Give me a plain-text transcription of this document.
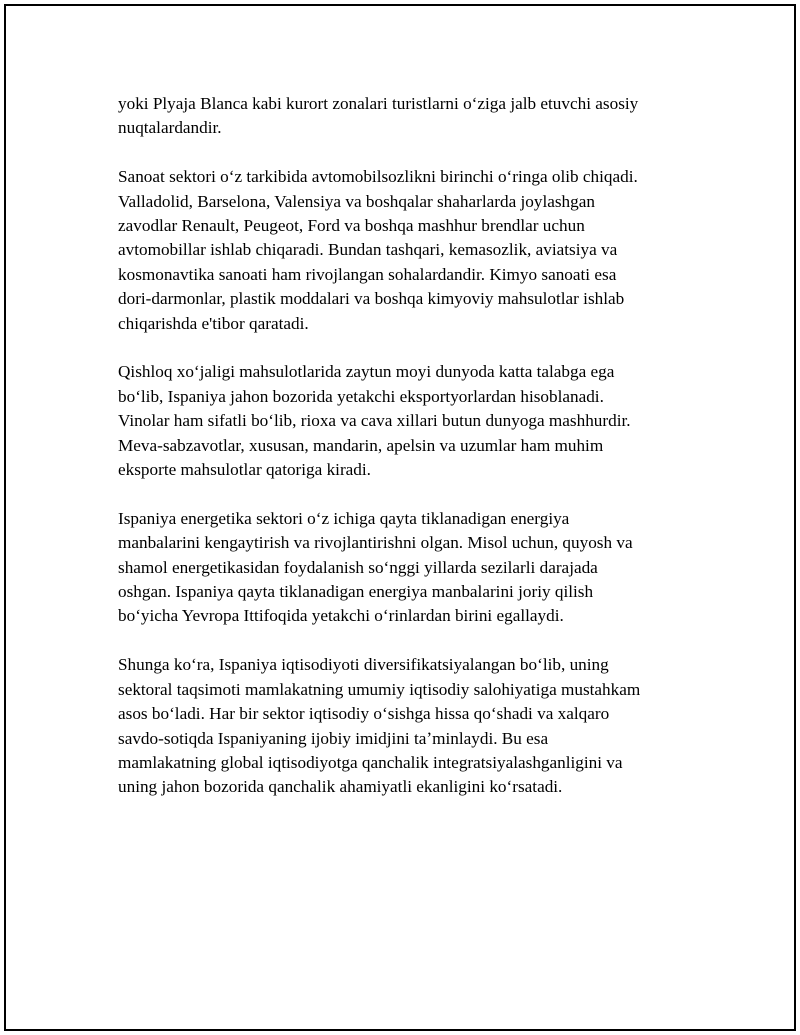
yoki Plyaja Blanca kabi kurort zonalari turistlarni oʻziga jalb etuvchi asosiy
nuqtalardandir.

Sanoat sektori oʻz tarkibida avtomobilsozlikni birinchi oʻringa olib chiqadi.
Valladolid, Barselona, Valensiya va boshqalar shaharlarda joylashgan
zavodlar Renault, Peugeot, Ford va boshqa mashhur brendlar uchun
avtomobillar ishlab chiqaradi. Bundan tashqari, kemasozlik, aviatsiya va
kosmonavtika sanoati ham rivojlangan sohalardandir. Kimyo sanoati esa
dori-darmonlar, plastik moddalari va boshqa kimyoviy mahsulotlar ishlab
chiqarishda e'tibor qaratadi.

Qishloq xoʻjaligi mahsulotlarida zaytun moyi dunyoda katta talabga ega
boʻlib, Ispaniya jahon bozorida yetakchi eksportyorlardan hisoblanadi.
Vinolar ham sifatli boʻlib, rioxa va cava xillari butun dunyoga mashhurdir.
Meva-sabzavotlar, xususan, mandarin, apelsin va uzumlar ham muhim
eksporte mahsulotlar qatoriga kiradi.

Ispaniya energetika sektori oʻz ichiga qayta tiklanadigan energiya
manbalarini kengaytirish va rivojlantirishni olgan. Misol uchun, quyosh va
shamol energetikasidan foydalanish soʻnggi yillarda sezilarli darajada
oshgan. Ispaniya qayta tiklanadigan energiya manbalarini joriy qilish
boʻyicha Yevropa Ittifoqida yetakchi oʻrinlardan birini egallaydi.

Shunga koʻra, Ispaniya iqtisodiyoti diversifikatsiyalangan boʻlib, uning
sektoral taqsimoti mamlakatning umumiy iqtisodiy salohiyatiga mustahkam
asos boʻladi. Har bir sektor iqtisodiy oʻsishga hissa qoʻshadi va xalqaro
savdo-sotiqda Ispaniyaning ijobiy imidjini taʼminlaydi. Bu esa
mamlakatning global iqtisodiyotga qanchalik integratsiyalashganligini va
uning jahon bozorida qanchalik ahamiyatli ekanligini koʻrsatadi.
